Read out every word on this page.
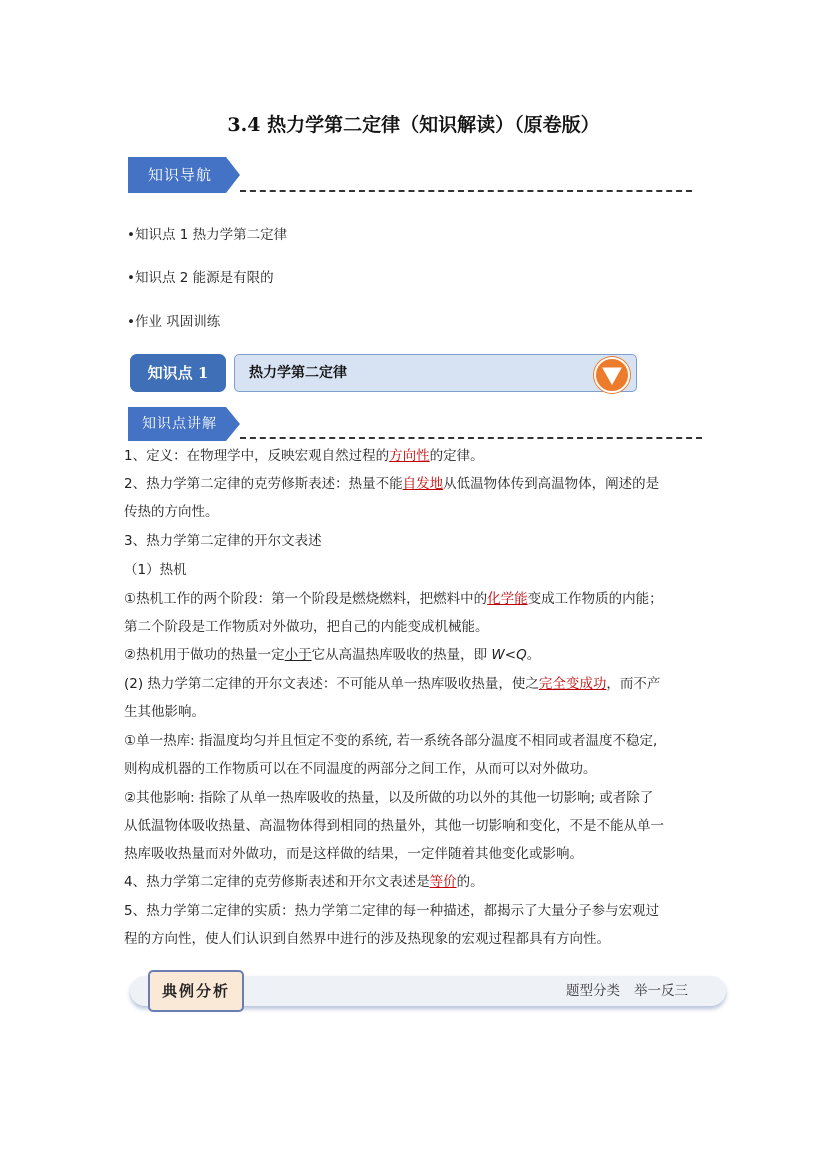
3.4 热力学第二定律（知识解读）（原卷版）
知识导航
•知识点 1 热力学第二定律
•知识点 2 能源是有限的
•作业 巩固训练
知识点 1	热力学第二定律
知识点讲解
1、定义：在物理学中，反映宏观自然过程的方向性的定律。
2、热力学第二定律的克劳修斯表述：热量不能自发地从低温物体传到高温物体，阐述的是
传热的方向性。
3、热力学第二定律的开尔文表述
（1）热机
①热机工作的两个阶段：第一个阶段是燃烧燃料，把燃料中的化学能变成工作物质的内能；
第二个阶段是工作物质对外做功，把自己的内能变成机械能。
②热机用于做功的热量一定小于它从高温热库吸收的热量，即 W<Q。
(2) 热力学第二定律的开尔文表述：不可能从单一热库吸收热量，使之完全变成功，而不产
生其他影响。
①单一热库: 指温度均匀并且恒定不变的系统, 若一系统各部分温度不相同或者温度不稳定,
则构成机器的工作物质可以在不同温度的两部分之间工作，从而可以对外做功。
②其他影响: 指除了从单一热库吸收的热量，以及所做的功以外的其他一切影响; 或者除了
从低温物体吸收热量、高温物体得到相同的热量外，其他一切影响和变化，不是不能从单一
热库吸收热量而对外做功，而是这样做的结果，一定伴随着其他变化或影响。
4、热力学第二定律的克劳修斯表述和开尔文表述是等价的。
5、热力学第二定律的实质：热力学第二定律的每一种描述，都揭示了大量分子参与宏观过
程的方向性，使人们认识到自然界中进行的涉及热现象的宏观过程都具有方向性。
典例分析	题型分类 举一反三
